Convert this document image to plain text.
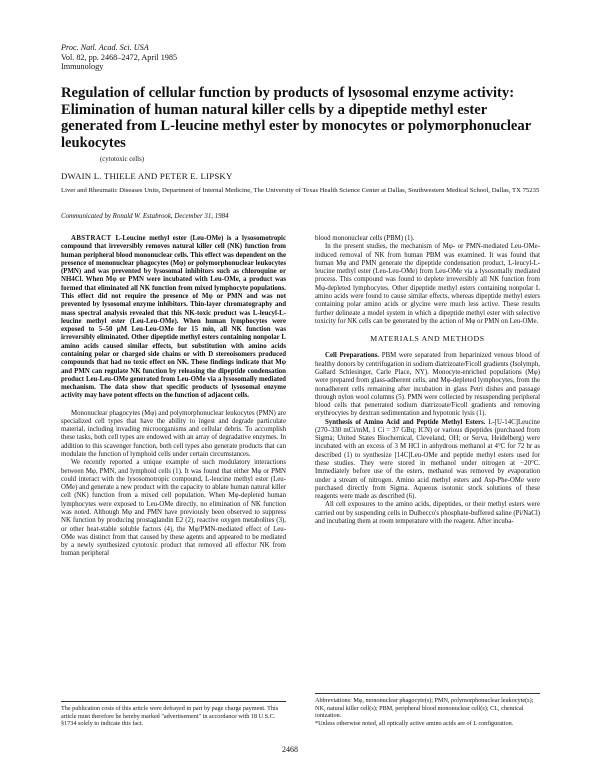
Proc. Natl. Acad. Sci. USA
Vol. 82, pp. 2468–2472, April 1985
Immunology
Regulation of cellular function by products of lysosomal enzyme activity: Elimination of human natural killer cells by a dipeptide methyl ester generated from L-leucine methyl ester by monocytes or polymorphonuclear leukocytes
(cytotoxic cells)
DWAIN L. THIELE AND PETER E. LIPSKY
Liver and Rheumatic Diseases Units, Department of Internal Medicine, The University of Texas Health Science Center at Dallas, Southwestern Medical School, Dallas, TX 75235
Communicated by Ronald W. Estabrook, December 31, 1984

ABSTRACT L-Leucine methyl ester (Leu-OMe) is a lysosomotropic compound that irreversibly removes natural killer cell (NK) function from human peripheral blood mononuclear cells. This effect was dependent on the presence of mononuclear phagocytes (Mφ) or polymorphonuclear leukocytes (PMN) and was prevented by lysosomal inhibitors such as chloroquine or NH4Cl. When Mφ or PMN were incubated with Leu-OMe, a product was formed that eliminated all NK function from mixed lymphocyte populations. This effect did not require the presence of Mφ or PMN and was not prevented by lysosomal enzyme inhibitors. Thin-layer chromatography and mass spectral analysis revealed that this NK-toxic product was L-leucyl-L-leucine methyl ester (Leu-Leu-OMe). When human lymphocytes were exposed to 5–50 μM Leu-Leu-OMe for 15 min, all NK function was irreversibly eliminated. Other dipeptide methyl esters containing nonpolar L amino acids caused similar effects, but substitution with amino acids containing polar or charged side chains or with D stereoisomers produced compounds that had no toxic effect on NK. These findings indicate that Mφ and PMN can regulate NK function by releasing the dipeptide condensation product Leu-Leu-OMe generated from Leu-OMe via a lysosomally mediated mechanism. The data show that specific products of lysosomal enzyme activity may have potent effects on the function of adjacent cells.

Mononuclear phagocytes (Mφ) and polymorphonuclear leukocytes (PMN) are specialized cell types that have the ability to ingest and degrade particulate material, including invading microorganisms and cellular debris. To accomplish these tasks, both cell types are endowed with an array of degradative enzymes. In addition to this scavenger function, both cell types also generate products that can modulate the function of lymphoid cells under certain circumstances.

We recently reported a unique example of such modulatory interactions between Mφ, PMN, and lymphoid cells (1). It was found that either Mφ or PMN could interact with the lysosomotropic compound, L-leucine methyl ester (Leu-OMe) and generate a new product with the capacity to ablate human natural killer cell (NK) function from a mixed cell population. When Mφ-depleted human lymphocytes were exposed to Leu-OMe directly, no elimination of NK function was noted. Although Mφ and PMN have previously been observed to suppress NK function by producing prostaglandin E2 (2), reactive oxygen metabolites (3), or other heat-stable soluble factors (4), the Mφ/PMN-mediated effect of Leu-OMe was distinct from that caused by these agents and appeared to be mediated by a newly synthesized cytotoxic product that removed all effector NK from human peripheral

blood mononuclear cells (PBM) (1).

In the present studies, the mechanism of Mφ- or PMN-mediated Leu-OMe-induced removal of NK from human PBM was examined. It was found that human Mφ and PMN generate the dipeptide condensation product, L-leucyl-L-leucine methyl ester (Leu-Leu-OMe) from Leu-OMe via a lysosomally mediated process. This compound was found to deplete irreversibly all NK function from Mφ-depleted lymphocytes. Other dipeptide methyl esters containing nonpolar L amino acids were found to cause similar effects, whereas dipeptide methyl esters containing polar amino acids or glycine were much less active. These results further delineate a model system in which a dipeptide methyl ester with selective toxicity for NK cells can be generated by the action of Mφ or PMN on Leu-OMe.

MATERIALS AND METHODS

Cell Preparations. PBM were separated from heparinized venous blood of healthy donors by centrifugation in sodium diatrizoate/Ficoll gradients (Isolymph, Gallard Schlesinger, Carle Place, NY). Monocyte-enriched populations (Mφ) were prepared from glass-adherent cells, and Mφ-depleted lymphocytes, from the nonadherent cells remaining after incubation in glass Petri dishes and passage through nylon wool columns (5). PMN were collected by resuspending peripheral blood cells that penetrated sodium diatrizoate/Ficoll gradients and removing erythrocytes by dextran sedimentation and hypotonic lysis (1).

Synthesis of Amino Acid and Peptide Methyl Esters. L-[U-14C]Leucine (270–330 mCi/mM, 1 Ci = 37 GBq; ICN) or various dipeptides (purchased from Sigma; United States Biochemical, Cleveland, OH; or Serva, Heidelberg) were incubated with an excess of 3 M HCl in anhydrous methanol at 4°C for 72 hr as described (1) to synthesize [14C]Leu-OMe and peptide methyl esters used for these studies. They were stored in methanol under nitrogen at −20°C. Immediately before use of the esters, methanol was removed by evaporation under a stream of nitrogen. Amino acid methyl esters and Asp-Phe-OMe were purchased directly from Sigma. Aqueous isotonic stock solutions of these reagents were made as described (6).

All cell exposures to the amino acids, dipeptides, or their methyl esters were carried out by suspending cells in Dulbecco's phosphate-buffered saline (Pi/NaCl) and incubating them at room temperature with the reagent. After incuba-

The publication costs of this article were defrayed in part by page charge payment. This article must therefore be hereby marked "advertisement" in accordance with 18 U.S.C. §1734 solely to indicate this fact.

Abbreviations: Mφ, mononuclear phagocyte(s); PMN, polymorphonuclear leukocyte(s); NK, natural killer cell(s); PBM, peripheral blood mononuclear cell(s); CL, chemical ionization.

*Unless otherwise noted, all optically active amino acids are of L configuration.

2468
